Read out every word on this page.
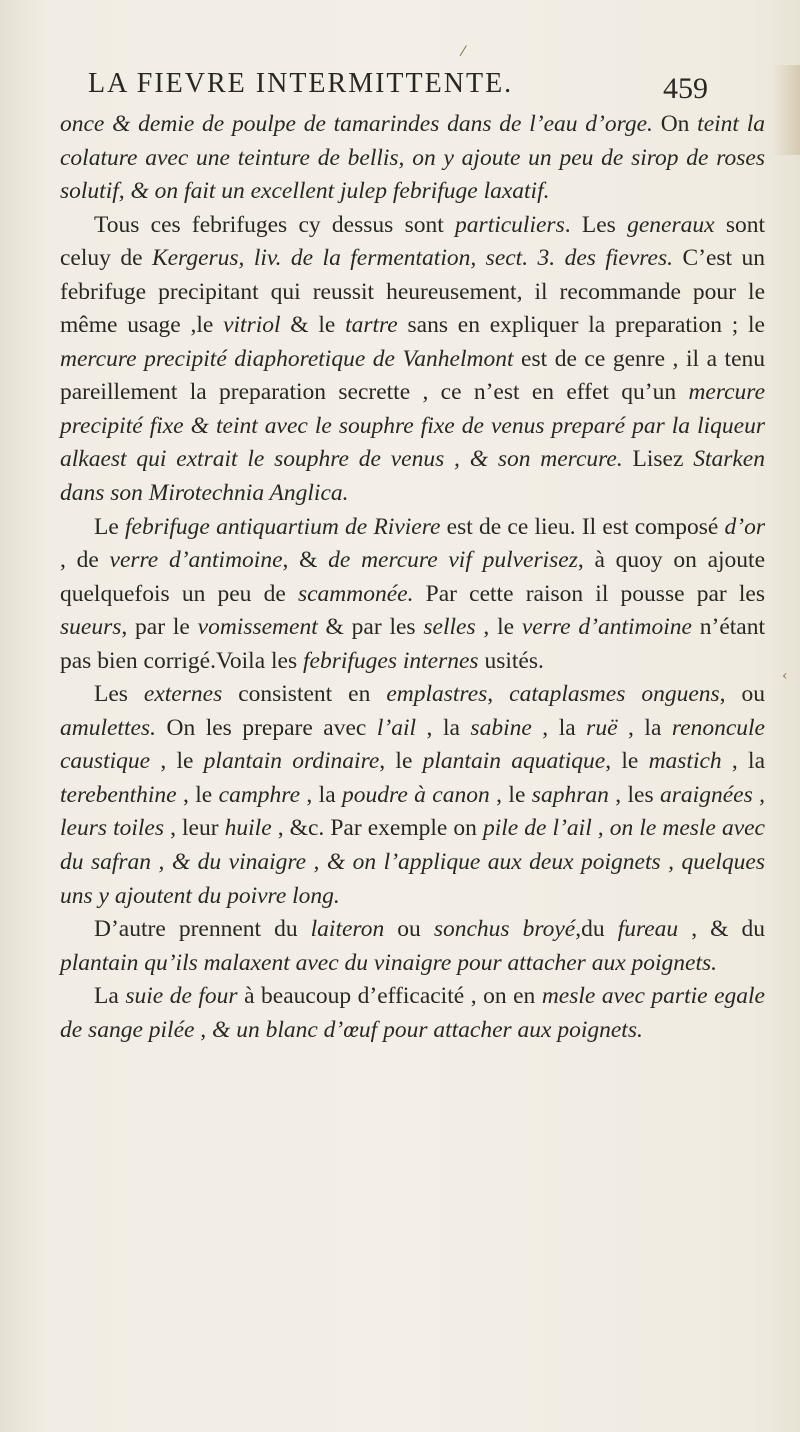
⁄
‹
LA FIEVRE INTERMITTENTE.	459

once & demie de poulpe de tamarindes dans de l’eau d’orge. On teint la colature avec une teinture de bellis, on y ajoute un peu de sirop de roses solutif, & on fait un excellent julep febrifuge laxatif.

Tous ces febrifuges cy dessus sont particuliers. Les generaux sont celuy de Kergerus, liv. de la fermentation, sect. 3. des fievres. C’est un febrifuge precipitant qui reussit heureusement, il recommande pour le même usage ,le vitriol & le tartre sans en expliquer la preparation ; le mercure precipité diaphoretique de Vanhelmont est de ce genre , il a tenu pareillement la preparation secrette , ce n’est en effet qu’un mercure precipité fixe & teint avec le souphre fixe de venus preparé par la liqueur alkaest qui extrait le souphre de venus , & son mercure. Lisez Starken dans son Mirotechnia Anglica.

Le febrifuge antiquartium de Riviere est de ce lieu. Il est composé d’or , de verre d’antimoine, & de mercure vif pulverisez, à quoy on ajoute quelquefois un peu de scammonée. Par cette raison il pousse par les sueurs, par le vomissement & par les selles , le verre d’antimoine n’étant pas bien corrigé.Voila les febrifuges internes usités.

Les externes consistent en emplastres, cataplasmes onguens, ou amulettes. On les prepare avec l’ail , la sabine , la ruë , la renoncule caustique , le plantain ordinaire, le plantain aquatique, le mastich , la terebenthine , le camphre , la poudre à canon , le saphran , les araignées , leurs toiles , leur huile , &c. Par exemple on pile de l’ail , on le mesle avec du safran , & du vinaigre , & on l’applique aux deux poignets , quelques uns y ajoutent du poivre long.

D’autre prennent du laiteron ou sonchus broyé,du fureau , & du plantain qu’ils malaxent avec du vinaigre pour attacher aux poignets.

La suie de four à beaucoup d’efficacité , on en mesle avec partie egale de sange pilée , & un blanc d’œuf pour attacher aux poignets.
